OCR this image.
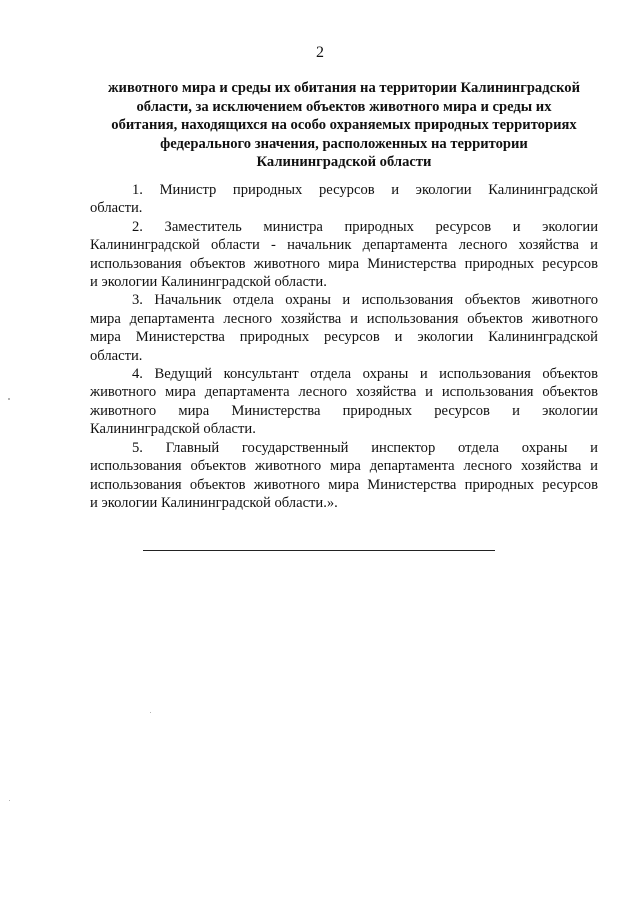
2
животного мира и среды их обитания на территории Калининградской
области, за исключением объектов животного мира и среды их
обитания, находящихся на особо охраняемых природных территориях
федерального значения, расположенных на территории
Калининградской области
1. Министр природных ресурсов и экологии Калининградской
области.
2. Заместитель министра природных ресурсов и экологии
Калининградской области - начальник департамента лесного хозяйства и
использования объектов животного мира Министерства природных ресурсов
и экологии Калининградской области.
3. Начальник отдела охраны и использования объектов животного
мира департамента лесного хозяйства и использования объектов животного
мира Министерства природных ресурсов и экологии Калининградской
области.
4. Ведущий консультант отдела охраны и использования объектов
животного мира департамента лесного хозяйства и использования объектов
животного мира Министерства природных ресурсов и экологии
Калининградской области.
5. Главный государственный инспектор отдела охраны и
использования объектов животного мира департамента лесного хозяйства и
использования объектов животного мира Министерства природных ресурсов
и экологии Калининградской области.».
